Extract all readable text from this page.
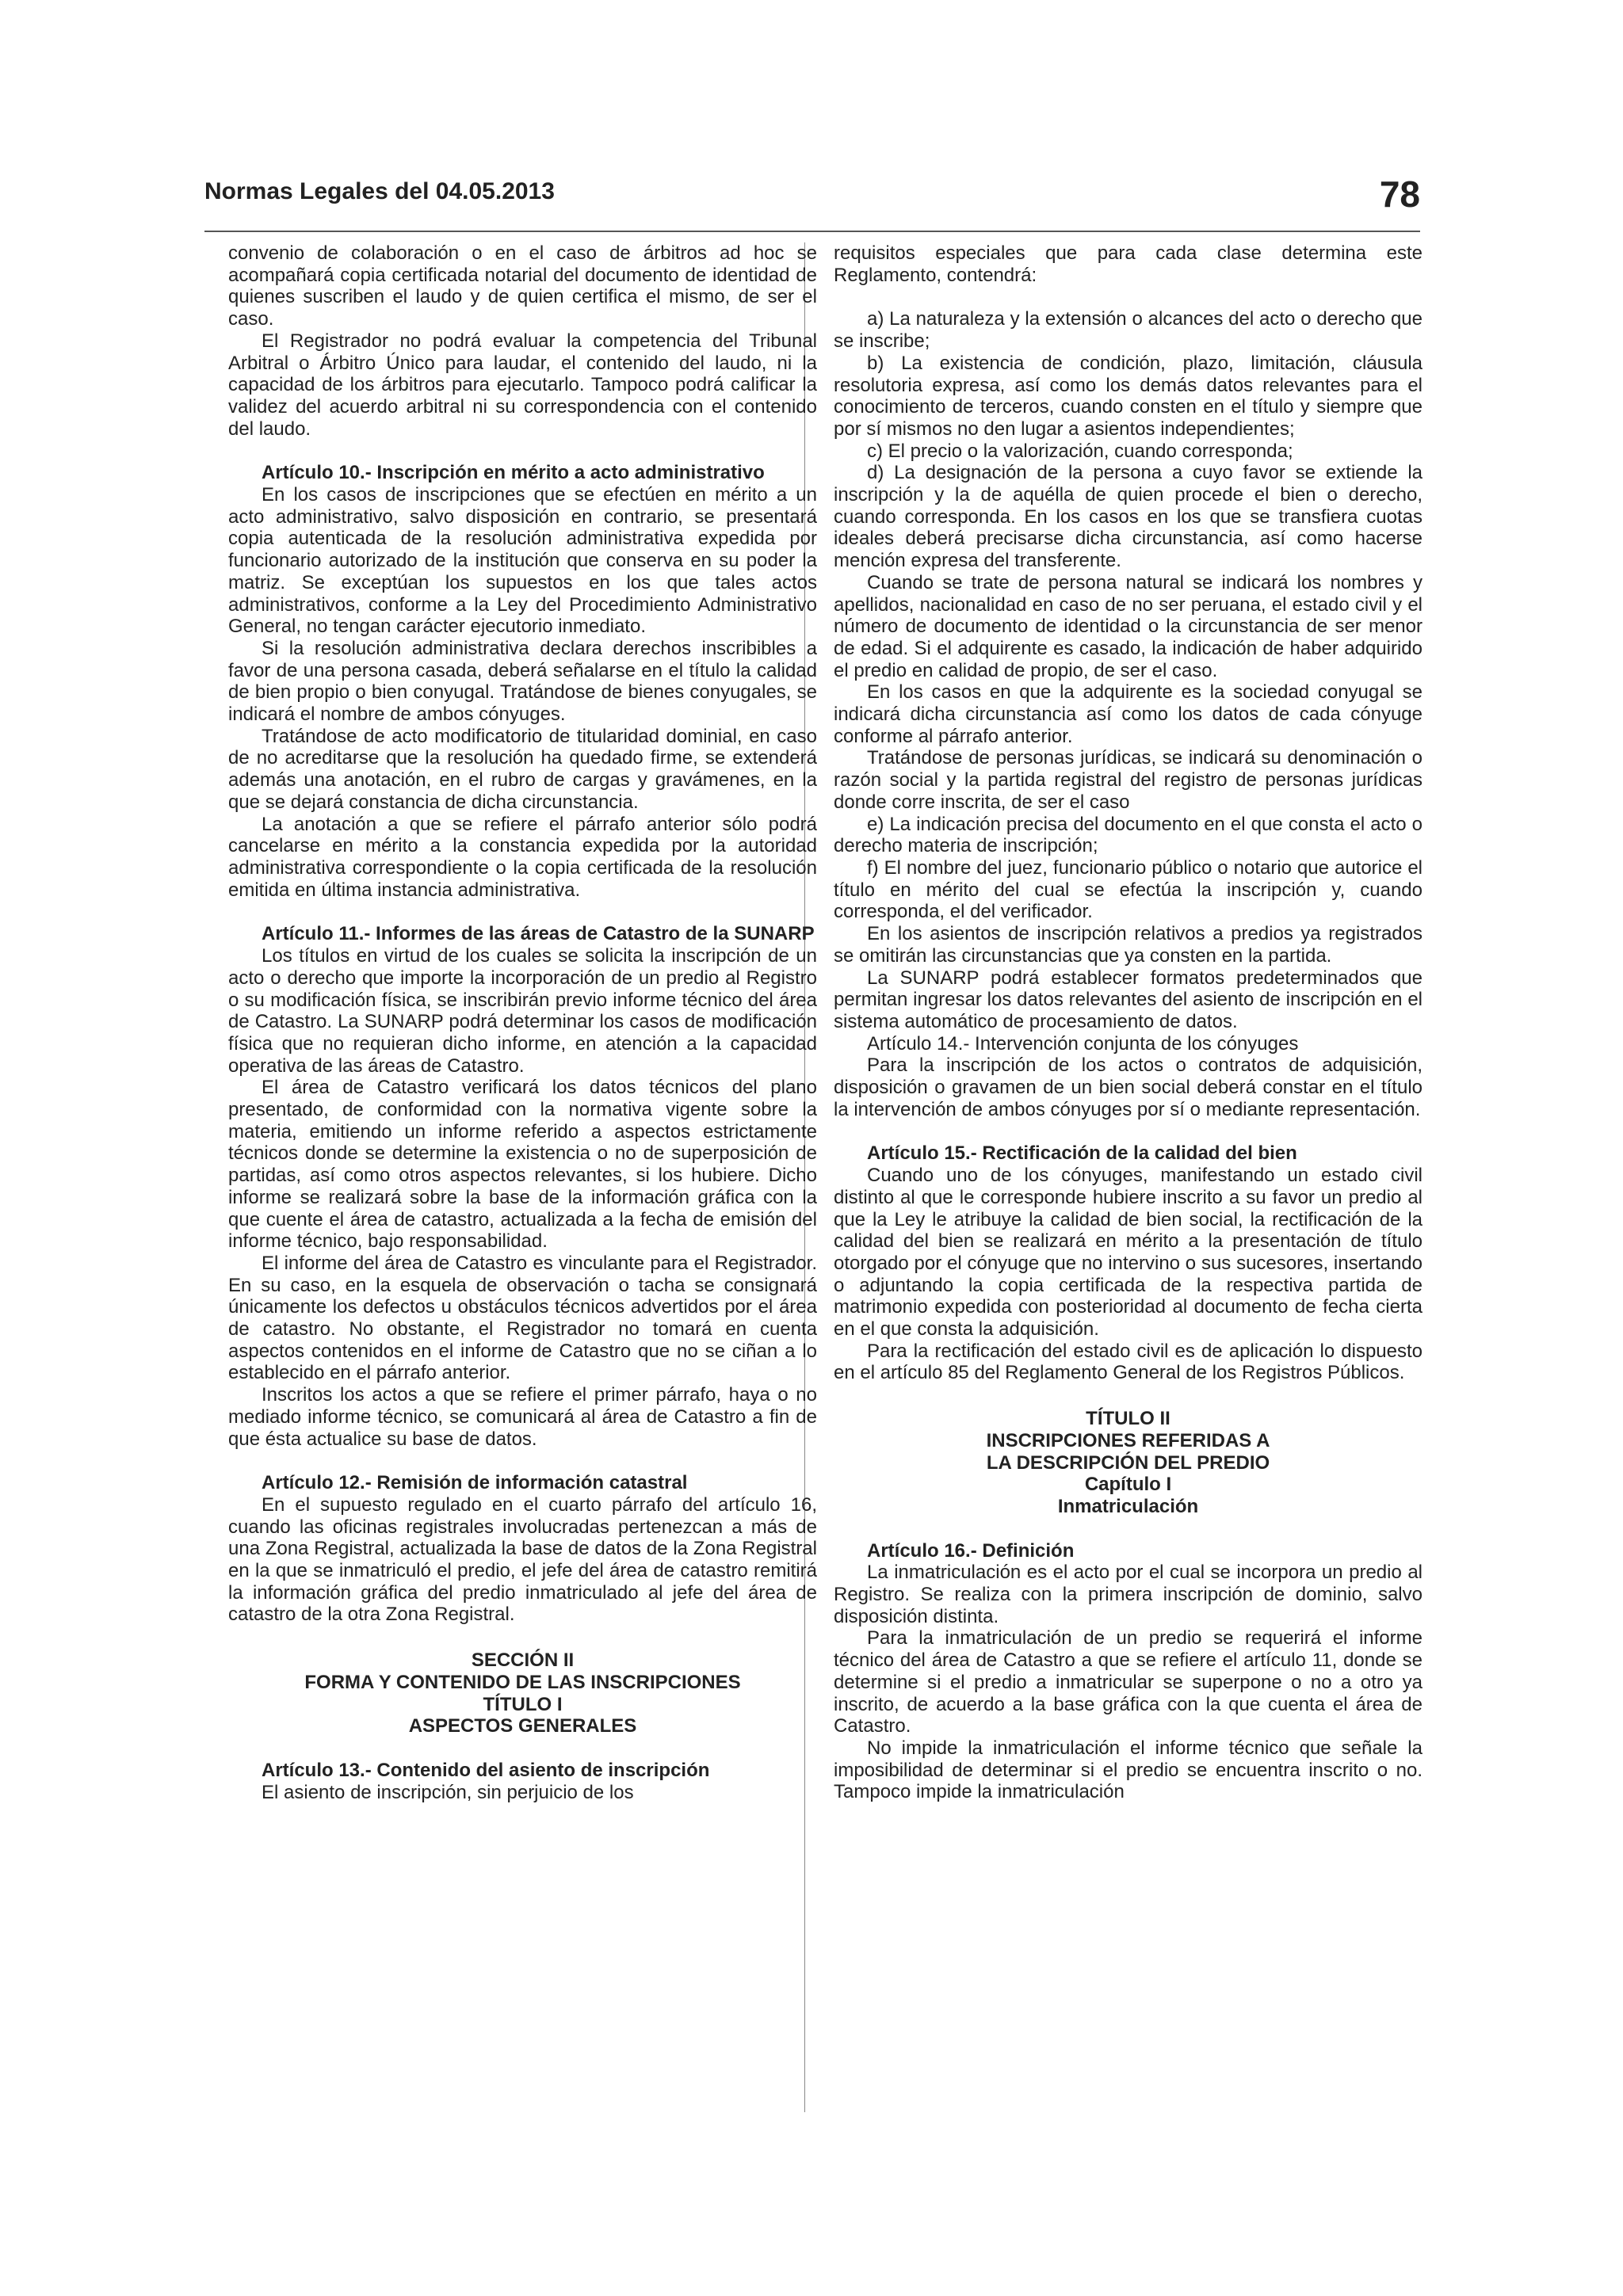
Normas Legales del 04.05.2013	78

convenio de colaboración o en el caso de árbitros ad hoc se acompañará copia certificada notarial del documento de identidad de quienes suscriben el laudo y de quien certifica el mismo, de ser el caso.

El Registrador no podrá evaluar la competencia del Tribunal Arbitral o Árbitro Único para laudar, el contenido del laudo, ni la capacidad de los árbitros para ejecutarlo. Tampoco podrá calificar la validez del acuerdo arbitral ni su correspondencia con el contenido del laudo.

Artículo 10.- Inscripción en mérito a acto administrativo

En los casos de inscripciones que se efectúen en mérito a un acto administrativo, salvo disposición en contrario, se presentará copia autenticada de la resolución administrativa expedida por funcionario autorizado de la institución que conserva en su poder la matriz. Se exceptúan los supuestos en los que tales actos administrativos, conforme a la Ley del Procedimiento Administrativo General, no tengan carácter ejecutorio inmediato.

Si la resolución administrativa declara derechos inscribibles a favor de una persona casada, deberá señalarse en el título la calidad de bien propio o bien conyugal. Tratándose de bienes conyugales, se indicará el nombre de ambos cónyuges.

Tratándose de acto modificatorio de titularidad dominial, en caso de no acreditarse que la resolución ha quedado firme, se extenderá además una anotación, en el rubro de cargas y gravámenes, en la que se dejará constancia de dicha circunstancia.

La anotación a que se refiere el párrafo anterior sólo podrá cancelarse en mérito a la constancia expedida por la autoridad administrativa correspondiente o la copia certificada de la resolución emitida en última instancia administrativa.

Artículo 11.- Informes de las áreas de Catastro de la SUNARP

Los títulos en virtud de los cuales se solicita la inscripción de un acto o derecho que importe la incorporación de un predio al Registro o su modificación física, se inscribirán previo informe técnico del área de Catastro. La SUNARP podrá determinar los casos de modificación física que no requieran dicho informe, en atención a la capacidad operativa de las áreas de Catastro.

El área de Catastro verificará los datos técnicos del plano presentado, de conformidad con la normativa vigente sobre la materia, emitiendo un informe referido a aspectos estrictamente técnicos donde se determine la existencia o no de superposición de partidas, así como otros aspectos relevantes, si los hubiere. Dicho informe se realizará sobre la base de la información gráfica con la que cuente el área de catastro, actualizada a la fecha de emisión del informe técnico, bajo responsabilidad.

El informe del área de Catastro es vinculante para el Registrador. En su caso, en la esquela de observación o tacha se consignará únicamente los defectos u obstáculos técnicos advertidos por el área de catastro. No obstante, el Registrador no tomará en cuenta aspectos contenidos en el informe de Catastro que no se ciñan a lo establecido en el párrafo anterior.

Inscritos los actos a que se refiere el primer párrafo, haya o no mediado informe técnico, se comunicará al área de Catastro a fin de que ésta actualice su base de datos.

Artículo 12.- Remisión de información catastral

En el supuesto regulado en el cuarto párrafo del artículo 16, cuando las oficinas registrales involucradas pertenezcan a más de una Zona Registral, actualizada la base de datos de la Zona Registral en la que se inmatriculó el predio, el jefe del área de catastro remitirá la información gráfica del predio inmatriculado al jefe del área de catastro de la otra Zona Registral.

SECCIÓN II

FORMA Y CONTENIDO DE LAS INSCRIPCIONES

TÍTULO I

ASPECTOS GENERALES

Artículo 13.- Contenido del asiento de inscripción

El asiento de inscripción, sin perjuicio de los

requisitos especiales que para cada clase determina este Reglamento, contendrá:

a) La naturaleza y la extensión o alcances del acto o derecho que se inscribe;

b) La existencia de condición, plazo, limitación, cláusula resolutoria expresa, así como los demás datos relevantes para el conocimiento de terceros, cuando consten en el título y siempre que por sí mismos no den lugar a asientos independientes;

c) El precio o la valorización, cuando corresponda;

d) La designación de la persona a cuyo favor se extiende la inscripción y la de aquélla de quien procede el bien o derecho, cuando corresponda. En los casos en los que se transfiera cuotas ideales deberá precisarse dicha circunstancia, así como hacerse mención expresa del transferente.

Cuando se trate de persona natural se indicará los nombres y apellidos, nacionalidad en caso de no ser peruana, el estado civil y el número de documento de identidad o la circunstancia de ser menor de edad. Si el adquirente es casado, la indicación de haber adquirido el predio en calidad de propio, de ser el caso.

En los casos en que la adquirente es la sociedad conyugal se indicará dicha circunstancia así como los datos de cada cónyuge conforme al párrafo anterior.

Tratándose de personas jurídicas, se indicará su denominación o razón social y la partida registral del registro de personas jurídicas donde corre inscrita, de ser el caso

e) La indicación precisa del documento en el que consta el acto o derecho materia de inscripción;

f) El nombre del juez, funcionario público o notario que autorice el título en mérito del cual se efectúa la inscripción y, cuando corresponda, el del verificador.

En los asientos de inscripción relativos a predios ya registrados se omitirán las circunstancias que ya consten en la partida.

La SUNARP podrá establecer formatos predeterminados que permitan ingresar los datos relevantes del asiento de inscripción en el sistema automático de procesamiento de datos.

Artículo 14.- Intervención conjunta de los cónyuges

Para la inscripción de los actos o contratos de adquisición, disposición o gravamen de un bien social deberá constar en el título la intervención de ambos cónyuges por sí o mediante representación.

Artículo 15.- Rectificación de la calidad del bien

Cuando uno de los cónyuges, manifestando un estado civil distinto al que le corresponde hubiere inscrito a su favor un predio al que la Ley le atribuye la calidad de bien social, la rectificación de la calidad del bien se realizará en mérito a la presentación de título otorgado por el cónyuge que no intervino o sus sucesores, insertando o adjuntando la copia certificada de la respectiva partida de matrimonio expedida con posterioridad al documento de fecha cierta en el que consta la adquisición.

Para la rectificación del estado civil es de aplicación lo dispuesto en el artículo 85 del Reglamento General de los Registros Públicos.

TÍTULO II

INSCRIPCIONES REFERIDAS A

LA DESCRIPCIÓN DEL PREDIO

Capítulo I

Inmatriculación

Artículo 16.- Definición

La inmatriculación es el acto por el cual se incorpora un predio al Registro. Se realiza con la primera inscripción de dominio, salvo disposición distinta.

Para la inmatriculación de un predio se requerirá el informe técnico del área de Catastro a que se refiere el artículo 11, donde se determine si el predio a inmatricular se superpone o no a otro ya inscrito, de acuerdo a la base gráfica con la que cuenta el área de Catastro.

No impide la inmatriculación el informe técnico que señale la imposibilidad de determinar si el predio se encuentra inscrito o no. Tampoco impide la inmatriculación
